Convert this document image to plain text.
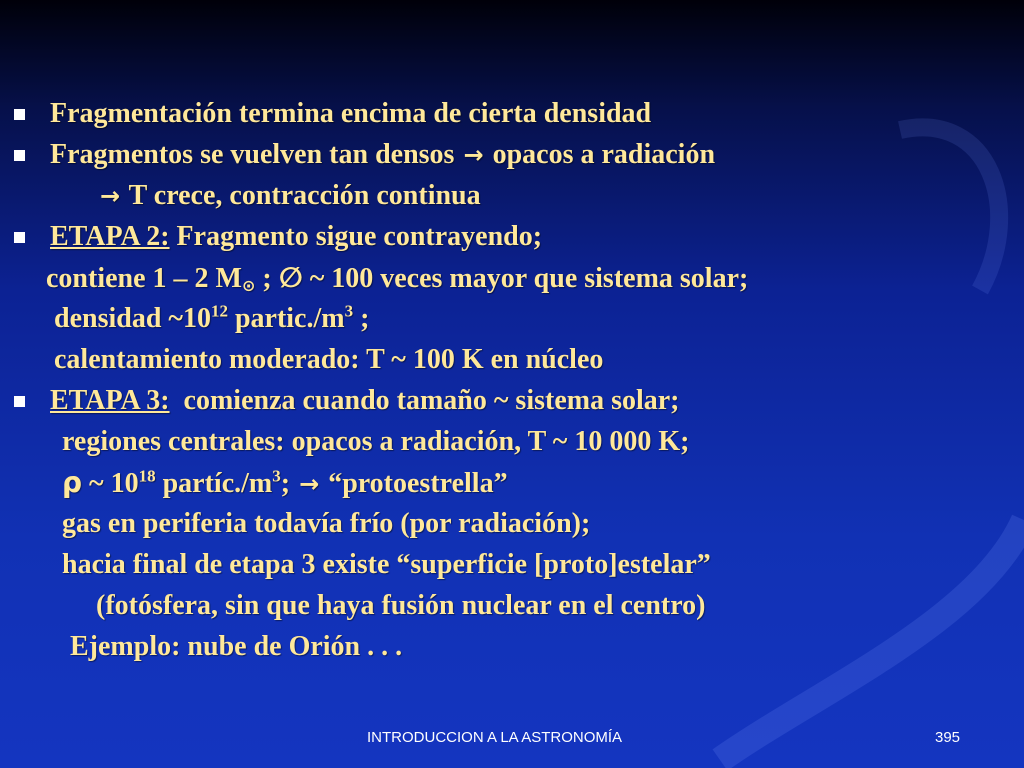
Fragmentación termina encima de cierta densidad
Fragmentos se vuelven tan densos → opacos a radiación
→ T crece, contracción continua
ETAPA 2: Fragmento sigue contrayendo;
contiene 1 – 2 M⊙ ; ∅ ~ 100 veces mayor que sistema solar;
densidad $\sim 10^{12}$ $partic./m^3$ ;
calentamiento moderado: T ~ 100 K en núcleo
ETAPA 3: comienza cuando tamaño ~ sistema solar;
regiones centrales: opacos a radiación, T ~ 10 000 K;
ρ ~ $10^{18}$ $partíc./m^3$; → “protoestrella”
gas en periferia todavía frío (por radiación);
hacia final de etapa 3 existe “superficie [proto]estelar”
(fotósfera, sin que haya fusión nuclear en el centro)
Ejemplo: nube de Orión . . .
INTRODUCCION A LA ASTRONOMÍA	395
